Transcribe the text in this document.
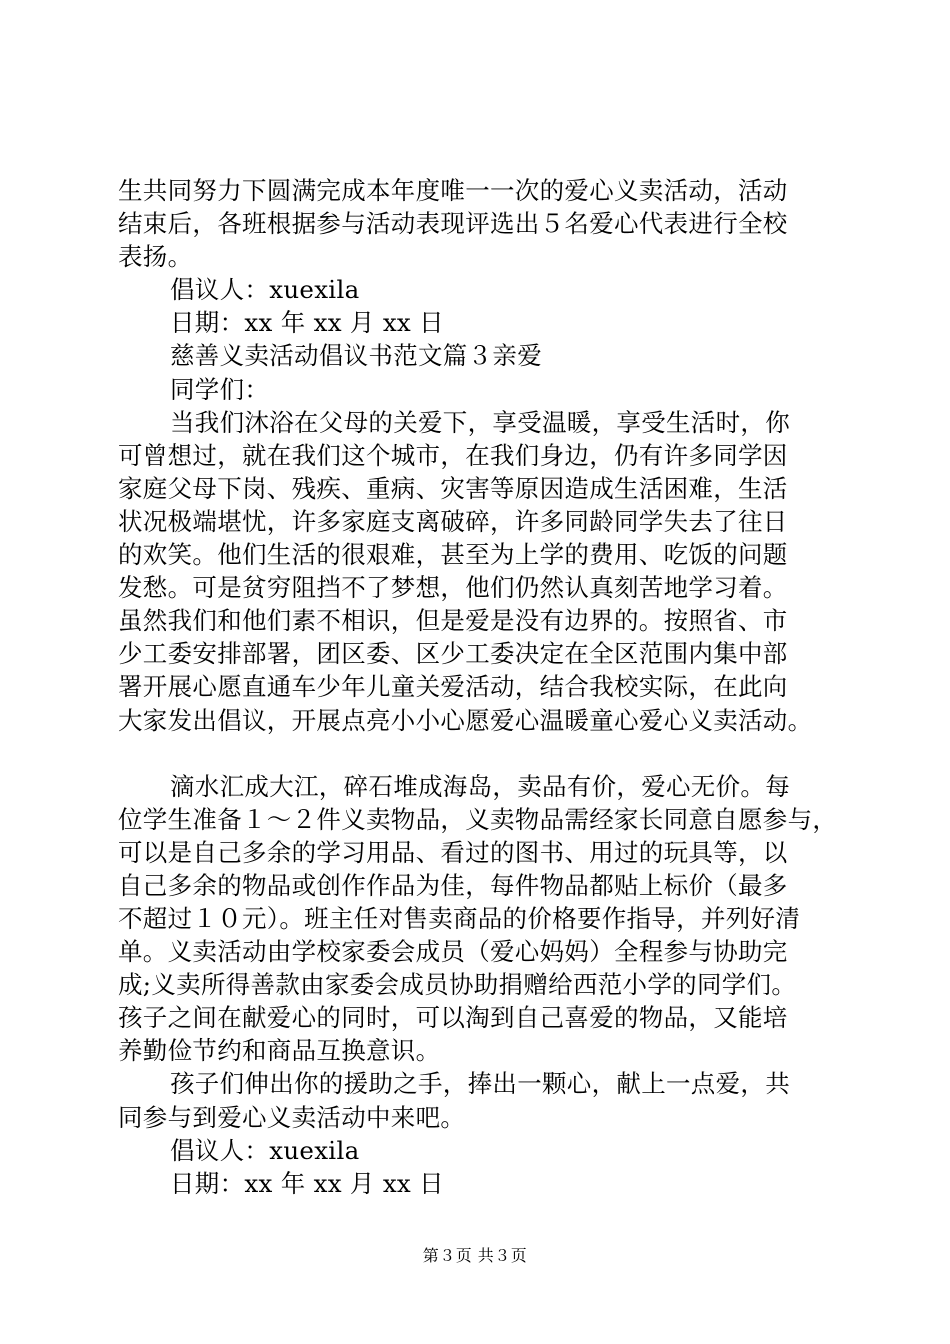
生共同努力下圆满完成本年度唯一一次的爱心义卖活动，活动
结束后，各班根据参与活动表现评选出５名爱心代表进行全校
表扬。
倡议人：xuexila
日期：xx 年 xx 月 xx 日
慈善义卖活动倡议书范文篇３亲爱
同学们：
当我们沐浴在父母的关爱下，享受温暖，享受生活时，你
可曾想过，就在我们这个城市，在我们身边，仍有许多同学因
家庭父母下岗、残疾、重病、灾害等原因造成生活困难，生活
状况极端堪忧，许多家庭支离破碎，许多同龄同学失去了往日
的欢笑。他们生活的很艰难，甚至为上学的费用、吃饭的问题
发愁。可是贫穷阻挡不了梦想，他们仍然认真刻苦地学习着。
虽然我们和他们素不相识，但是爱是没有边界的。按照省、市
少工委安排部署，团区委、区少工委决定在全区范围内集中部
署开展心愿直通车少年儿童关爱活动，结合我校实际，在此向
大家发出倡议，开展点亮小小心愿爱心温暖童心爱心义卖活动。
滴水汇成大江，碎石堆成海岛，卖品有价，爱心无价。每
位学生准备１～２件义卖物品，义卖物品需经家长同意自愿参与，
可以是自己多余的学习用品、看过的图书、用过的玩具等，以
自己多余的物品或创作作品为佳，每件物品都贴上标价（最多
不超过１０元）。班主任对售卖商品的价格要作指导，并列好清
单。义卖活动由学校家委会成员（爱心妈妈）全程参与协助完
成;义卖所得善款由家委会成员协助捐赠给西范小学的同学们。
孩子之间在献爱心的同时，可以淘到自己喜爱的物品，又能培
养勤俭节约和商品互换意识。
孩子们伸出你的援助之手，捧出一颗心，献上一点爱，共
同参与到爱心义卖活动中来吧。
倡议人：xuexila
日期：xx 年 xx 月 xx 日
第３页 共３页
